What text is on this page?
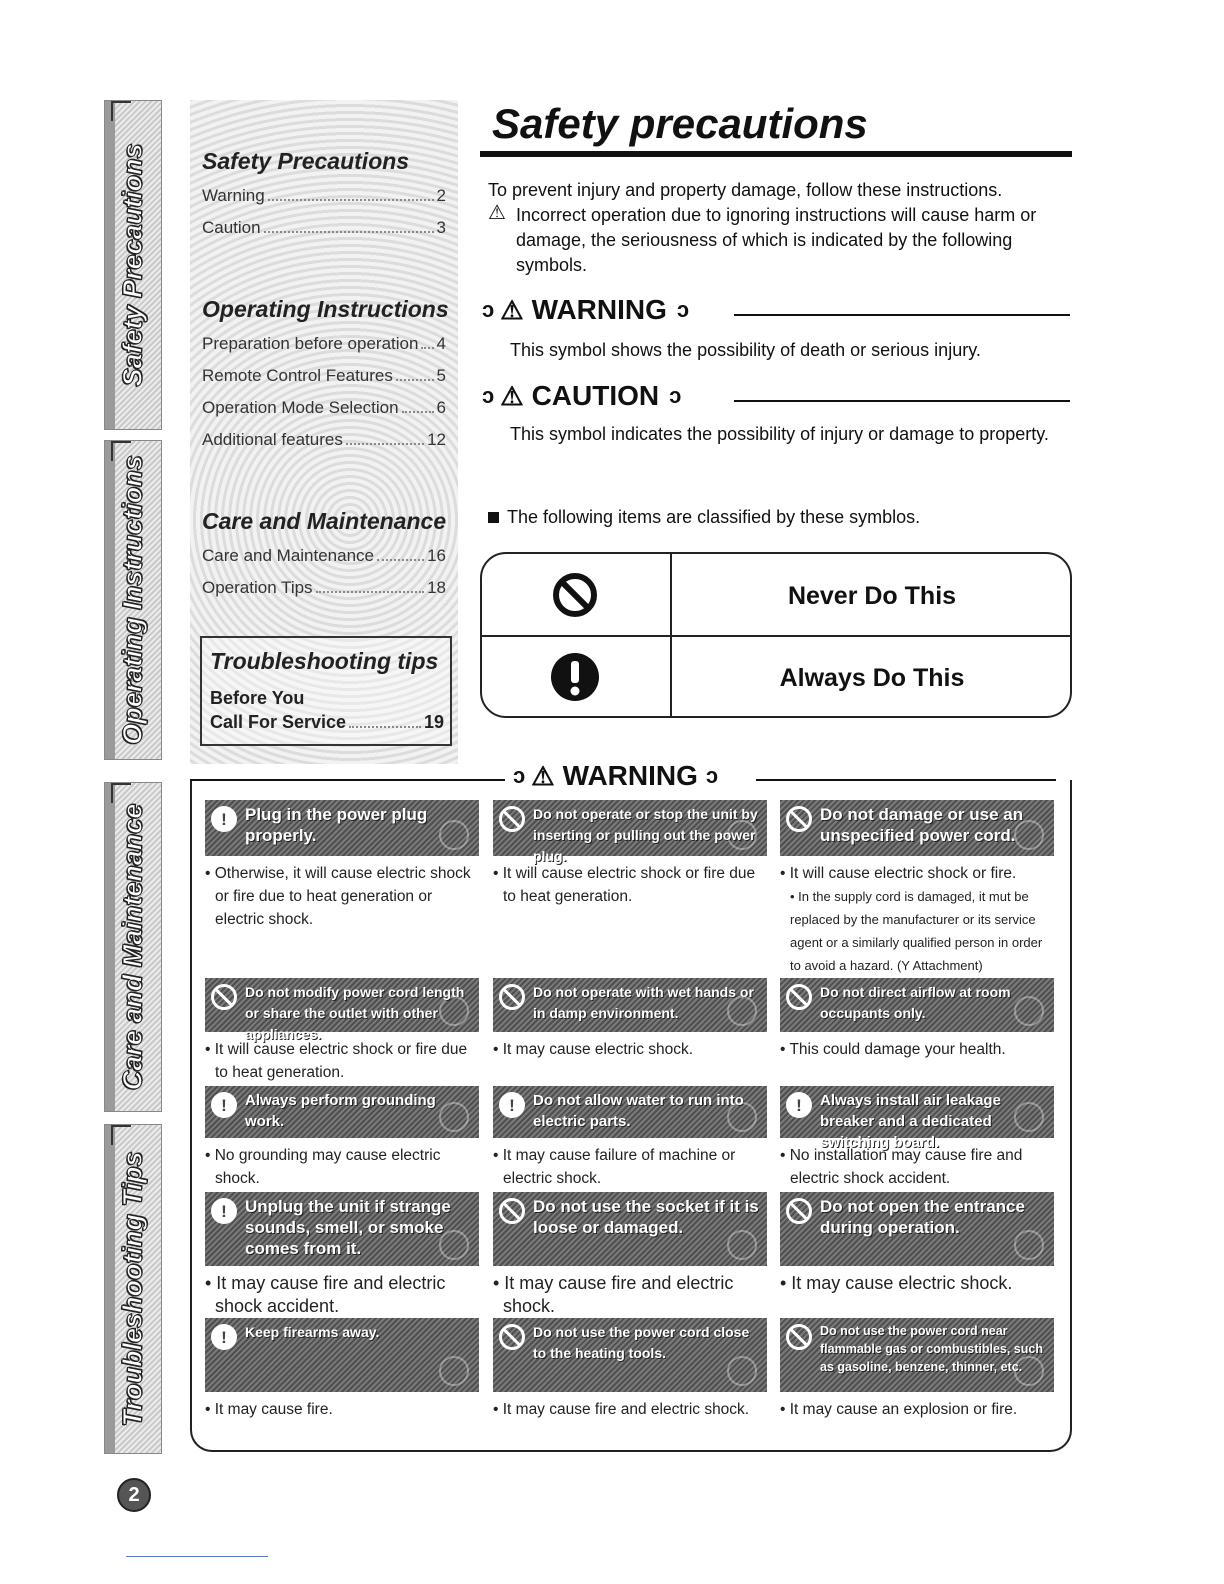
Safety Precautions
Operating Instructions
Care and Maintenance
Troubleshooting Tips
Safety Precautions
Warning	2
Caution	3
Operating Instructions
Preparation before operation 4
Remote Control Features	5
Operation Mode Selection 6
Additional features	12
Care and Maintenance
Care and Maintenance	16
Operation Tips	18
Troubleshooting tips
Before You
Call For Service	19
Safety precautions
To prevent injury and property damage, follow these instructions.
⚠ Incorrect operation due to ignoring instructions will cause harm or damage, the seriousness of which is indicated by the following symbols.
ↄ ⚠ WARNING ↄ
This symbol shows the possibility of death or serious injury.
ↄ ⚠ CAUTION ↄ
This symbol indicates the possibility of injury or damage to property.
The following items are classified by these symblos.
Never Do This
Always Do This
ↄ ⚠ WARNING ↄ
!	Plug in the power plug properly.
• Otherwise, it will cause electric shock or fire due to heat generation or electric shock.
Do not operate or stop the unit by inserting or pulling out the power plug.
• It will cause electric shock or fire due to heat generation.
Do not damage or use an unspecified power cord.
• It will cause electric shock or fire.
• In the supply cord is damaged, it mut be replaced by the manufacturer or its service agent or a similarly qualified person in order to avoid a hazard. (Y Attachment)
Do not modify power cord length or share the outlet with other appliances.
• It will cause electric shock or fire due to heat generation.
Do not operate with wet hands or in damp environment.
• It may cause electric shock.
Do not direct airflow at room occupants only.
• This could damage your health.
!	Always perform grounding work.
• No grounding may cause electric shock.
!	Do not allow water to run into electric parts.
• It may cause failure of machine or electric shock.
!	Always install air leakage breaker and a dedicated switching board.
• No installation may cause fire and electric shock accident.
!	Unplug the unit if strange sounds, smell, or smoke comes from it.
• It may cause fire and electric shock accident.
Do not use the socket if it is loose or damaged.
• It may cause fire and electric shock.
Do not open the entrance during operation.
• It may cause electric shock.
!	Keep firearms away.
• It may cause fire.
Do not use the power cord close to the heating tools.
• It may cause fire and electric shock.
Do not use the power cord near flammable gas or combustibles, such as gasoline, benzene, thinner, etc.
• It may cause an explosion or fire.
2
